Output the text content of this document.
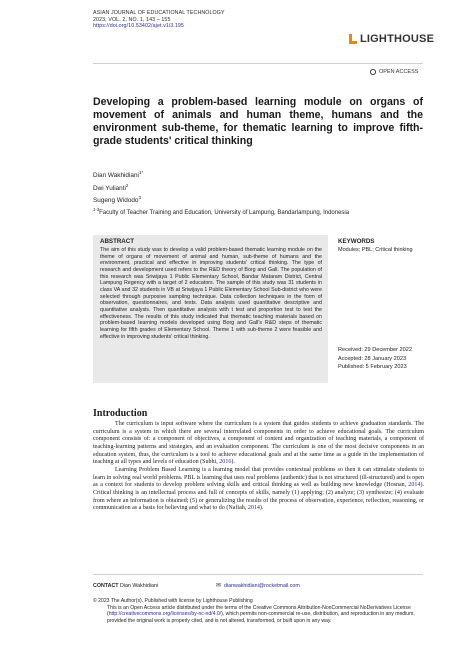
ASIAN JOURNAL OF EDUCATIONAL TECHNOLOGY
2023, VOL. 2, NO. 1, 143 – 155
https://doi.org/10.53402/ajet.v1i3.195
LIGHTHOUSE
OPEN ACCESS
Developing a problem-based learning module on organs of movement of animals and human theme, humans and the environment sub-theme, for thematic learning to improve fifth-grade students' critical thinking
Dian Wakhidiani$^{1*}$
Dwi Yulianti$^2$
Sugeng Widodo$^3$
$^{1-3}$Faculty of Teacher Training and Education, University of Lampung, Bandarlampung, Indonesia
ABSTRACT
The aim of this study was to develop a valid problem-based thematic learning module on the theme of organs of movement of animal and human, sub-theme of humans and the environment, practical and effective in improving students' critical thinking. The type of research and development used refers to the R&D theory of Borg and Gall. The population of this research was Sriwijaya 1 Public Elementary School, Bandar Mataram District, Central Lampung Regency with a target of 2 educators. The sample of this study was 31 students in class VA and 32 students in VB at Sriwijaya 1 Public Elementary School Sub-district who were selected through purposive sampling technique. Data collection techniques in the form of observation, questionnaires, and tests. Data analysis used quantitative descriptive and quantitative analysis. Then quantitative analysis with t test and proportion test to test the effectiveness. The results of this study indicated that thematic teaching materials based on problem-based learning models developed using Borg and Gall's R&D steps of thematic learning for fifth grades of Elementary School. Theme 1 with sub-theme 2 were feasible and effective in improving students' critical thinking.
KEYWORDS
Modules; PBL; Critical thinking
Received: 29 December 2022
Accepted: 28 January 2023
Published: 5 February 2023
Introduction

The curriculum is input software where the curriculum is a system that guides students to achieve graduation standards. The curriculum is a system in which there are several interrelated components in order to achieve educational goals. The curriculum component consists of: a component of objectives, a component of content and organization of teaching materials, a component of teaching-learning patterns and strategies, and an evaluation component. The curriculum is one of the most decisive components in an education system, thus, the curriculum is a tool to achieve educational goals and at the same time as a guide in the implementation of teaching at all types and levels of education (Subhi, 2016).

Learning Problem Based Learning is a learning model that provides contextual problems so then it can stimulate students to learn in solving real world problems. PBL is learning that uses real problems (authentic) that is not structured (ill-structured) and is open as a context for students to develop problem solving skills and critical thinking as well as building new knowledge (Hosnan, 2014). Critical thinking is an intellectual process and full of concepts of skills, namely (1) applying; (2) analyze; (3) synthesize; (4) evaluate from where an information is obtained; (5) or generalizing the results of the process of observation, experience, reflection, reasoning, or communication as a basis for believing and what to do (Nafiah, 2014).

CONTACT Dian Wakhidiani	✉ dianwakhidiani@rocketmail.com
© 2023 The Author(s). Published with license by Lighthouse Publishing
This is an Open Access article distributed under the terms of the Creative Commons Attribution-NonCommercial NoDerivatives License (http://creativecommons.org/licenses/by-nc-nd/4.0/), which permits non-commercial re-use, distribution, and reproduction in any medium, provided the original work is properly cited, and is not altered, transformed, or built upon in any way.
